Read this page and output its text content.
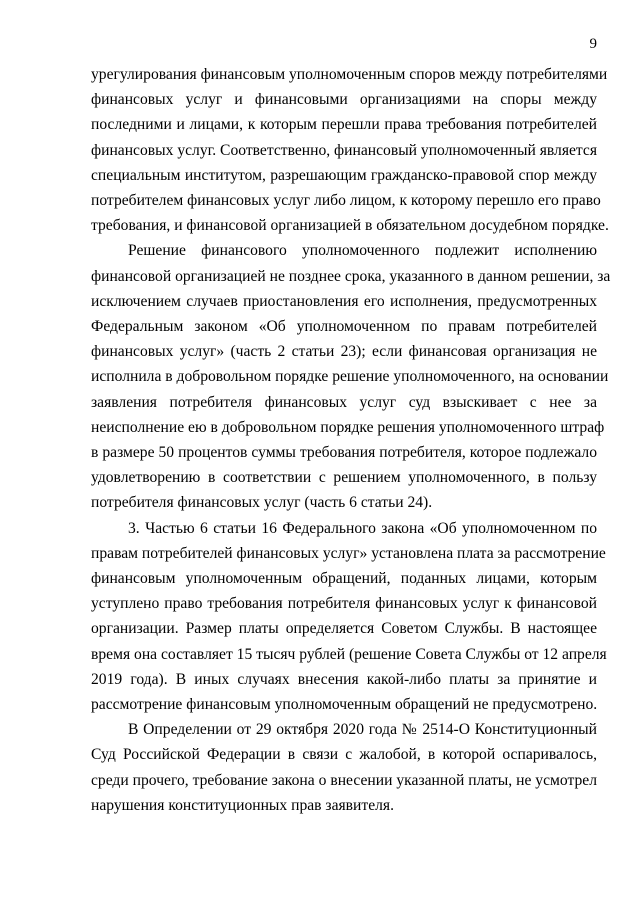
9
урегулирования финансовым уполномоченным споров между потребителями
финансовых услуг и финансовыми организациями на споры между
последними и лицами, к которым перешли права требования потребителей
финансовых услуг. Соответственно, финансовый уполномоченный является
специальным институтом, разрешающим гражданско-правовой спор между
потребителем финансовых услуг либо лицом, к которому перешло его право
требования, и финансовой организацией в обязательном досудебном порядке.
Решение финансового уполномоченного подлежит исполнению
финансовой организацией не позднее срока, указанного в данном решении, за
исключением случаев приостановления его исполнения, предусмотренных
Федеральным законом «Об уполномоченном по правам потребителей
финансовых услуг» (часть 2 статьи 23); если финансовая организация не
исполнила в добровольном порядке решение уполномоченного, на основании
заявления потребителя финансовых услуг суд взыскивает с нее за
неисполнение ею в добровольном порядке решения уполномоченного штраф
в размере 50 процентов суммы требования потребителя, которое подлежало
удовлетворению в соответствии с решением уполномоченного, в пользу
потребителя финансовых услуг (часть 6 статьи 24).
3. Частью 6 статьи 16 Федерального закона «Об уполномоченном по
правам потребителей финансовых услуг» установлена плата за рассмотрение
финансовым уполномоченным обращений, поданных лицами, которым
уступлено право требования потребителя финансовых услуг к финансовой
организации. Размер платы определяется Советом Службы. В настоящее
время она составляет 15 тысяч рублей (решение Совета Службы от 12 апреля
2019 года). В иных случаях внесения какой-либо платы за принятие и
рассмотрение финансовым уполномоченным обращений не предусмотрено.
В Определении от 29 октября 2020 года № 2514-О Конституционный
Суд Российской Федерации в связи с жалобой, в которой оспаривалось,
среди прочего, требование закона о внесении указанной платы, не усмотрел
нарушения конституционных прав заявителя.
